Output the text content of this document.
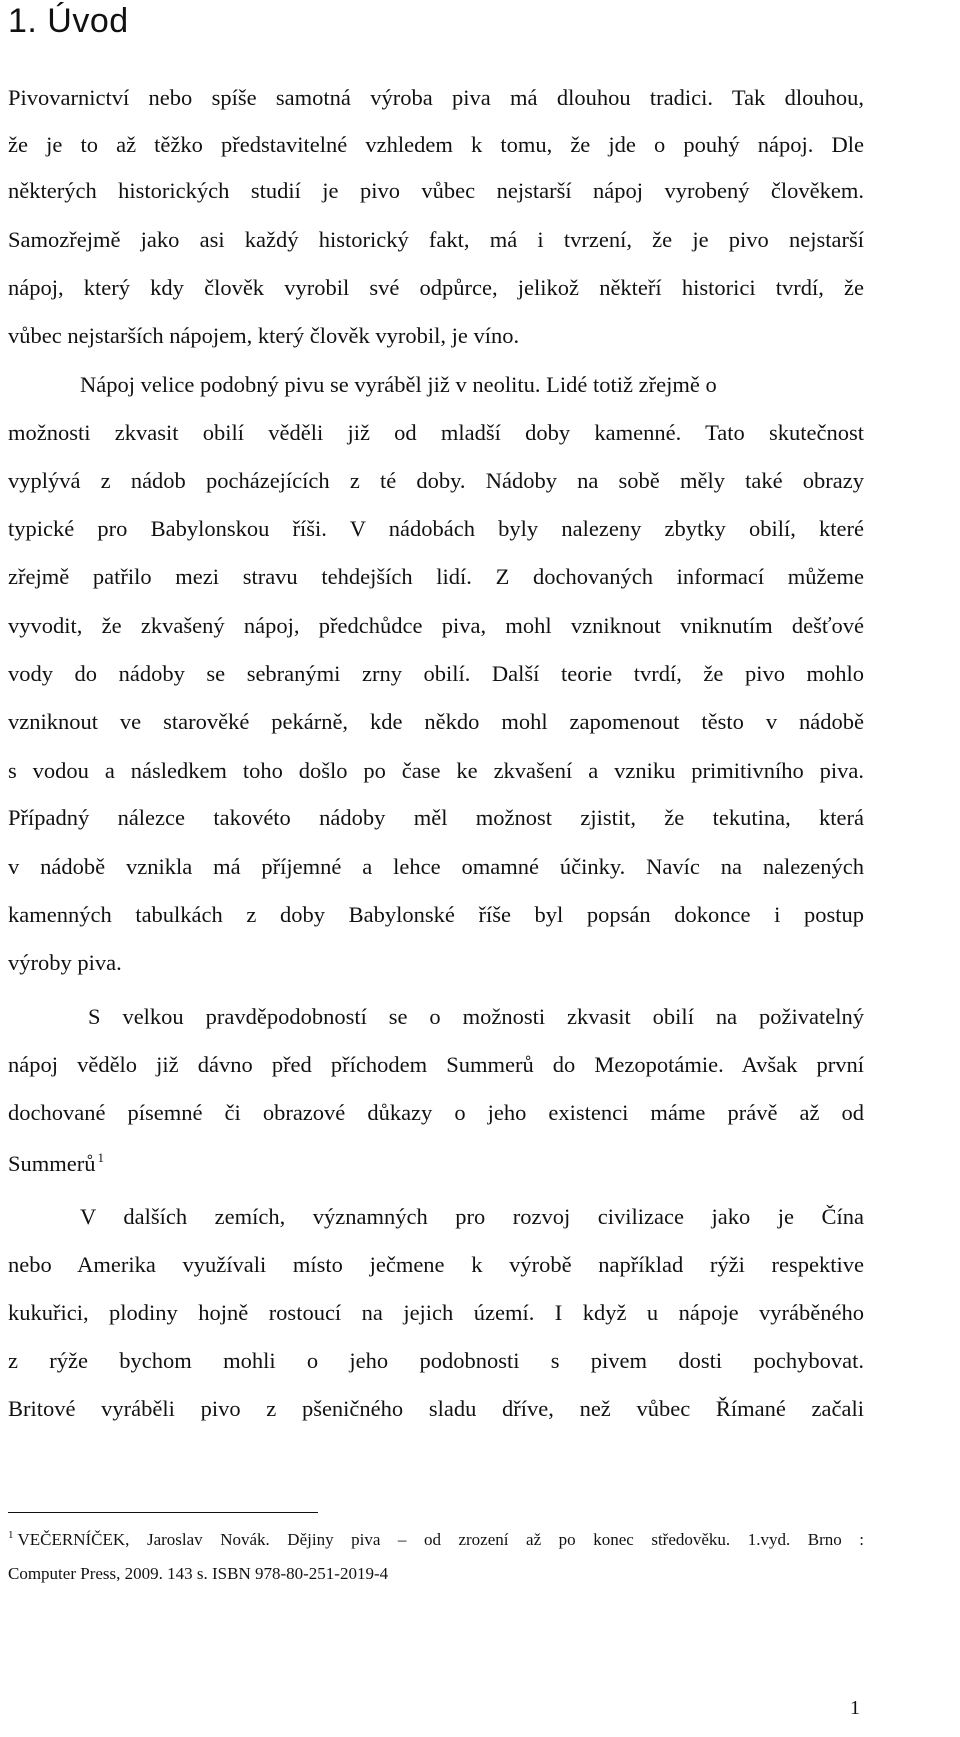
1. Úvod
Pivovarnictví nebo spíše samotná výroba piva má dlouhou tradici. Tak dlouhou,
že je to až těžko představitelné vzhledem k tomu, že jde o pouhý nápoj. Dle
některých historických studií je pivo vůbec nejstarší nápoj vyrobený člověkem.
Samozřejmě jako asi každý historický fakt, má i tvrzení, že je pivo nejstarší
nápoj, který kdy člověk vyrobil své odpůrce, jelikož někteří historici tvrdí, že
vůbec nejstarších nápojem, který člověk vyrobil, je víno.
Nápoj velice podobný pivu se vyráběl již v neolitu. Lidé totiž zřejmě o
možnosti zkvasit obilí věděli již od mladší doby kamenné. Tato skutečnost
vyplývá z nádob pocházejících z té doby. Nádoby na sobě měly také obrazy
typické pro Babylonskou říši. V nádobách byly nalezeny zbytky obilí, které
zřejmě patřilo mezi stravu tehdejších lidí. Z dochovaných informací můžeme
vyvodit, že zkvašený nápoj, předchůdce piva, mohl vzniknout vniknutím dešťové
vody do nádoby se sebranými zrny obilí. Další teorie tvrdí, že pivo mohlo
vzniknout ve starověké pekárně, kde někdo mohl zapomenout těsto v nádobě
s vodou a následkem toho došlo po čase ke zkvašení a vzniku primitivního piva.
Případný nálezce takovéto nádoby měl možnost zjistit, že tekutina, která
v nádobě vznikla má příjemné a lehce omamné účinky. Navíc na nalezených
kamenných tabulkách z doby Babylonské říše byl popsán dokonce i postup
výroby piva.
S velkou pravděpodobností se o možnosti zkvasit obilí na poživatelný
nápoj vědělo již dávno před příchodem Summerů do Mezopotámie. Avšak první
dochované písemné či obrazové důkazy o jeho existenci máme právě až od
Summerů $^1$
V dalších zemích, významných pro rozvoj civilizace jako je Čína
nebo Amerika využívali místo ječmene k výrobě například rýži respektive
kukuřici, plodiny hojně rostoucí na jejich území. I když u nápoje vyráběného
z rýže bychom mohli o jeho podobnosti s pivem dosti pochybovat.
Britové vyráběli pivo z pšeničného sladu dříve, než vůbec Římané začali
$^1$ VEČERNÍČEK, Jaroslav Novák. Dějiny piva – od zrození až po konec středověku. 1.vyd. Brno :
Computer Press, 2009. 143 s. ISBN 978-80-251-2019-4
1
